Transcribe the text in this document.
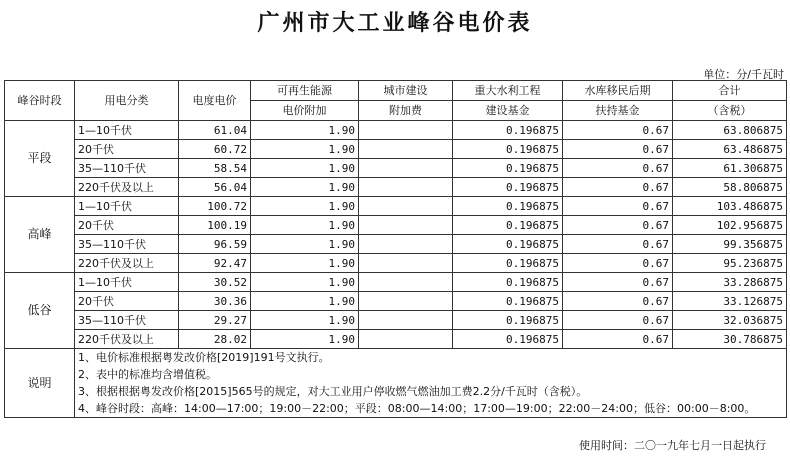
广州市大工业峰谷电价表
单位：分/千瓦时
峰谷时段	用电分类	电度电价	可再生能源	城市建设	重大水利工程	水库移民后期	合计
			电价附加	附加费	建设基金	扶持基金	（含税）
平段	1—10千伏	61.04	1.90		0.196875	0.67	63.806875
	20千伏	60.72	1.90		0.196875	0.67	63.486875
	35—110千伏	58.54	1.90		0.196875	0.67	61.306875
	220千伏及以上	56.04	1.90		0.196875	0.67	58.806875
高峰	1—10千伏	100.72	1.90		0.196875	0.67	103.486875
	20千伏	100.19	1.90		0.196875	0.67	102.956875
	35—110千伏	96.59	1.90		0.196875	0.67	99.356875
	220千伏及以上	92.47	1.90		0.196875	0.67	95.236875
低谷	1—10千伏	30.52	1.90		0.196875	0.67	33.286875
	20千伏	30.36	1.90		0.196875	0.67	33.126875
	35—110千伏	29.27	1.90		0.196875	0.67	32.036875
	220千伏及以上	28.02	1.90		0.196875	0.67	30.786875
说明	1、电价标准根据粤发改价格[2019]191号文执行。
2、表中的标准均含增值税。
3、根据根据粤发改价格[2015]565号的规定，对大工业用户停收燃气燃油加工费2.2分/千瓦时（含税）。
4、峰谷时段：高峰：14:00—17:00；19:00－22:00；平段：08:00—14:00；17:00—19:00；22:00－24:00；低谷：00:00－8:00。						
使用时间：二〇一九年七月一日起执行
